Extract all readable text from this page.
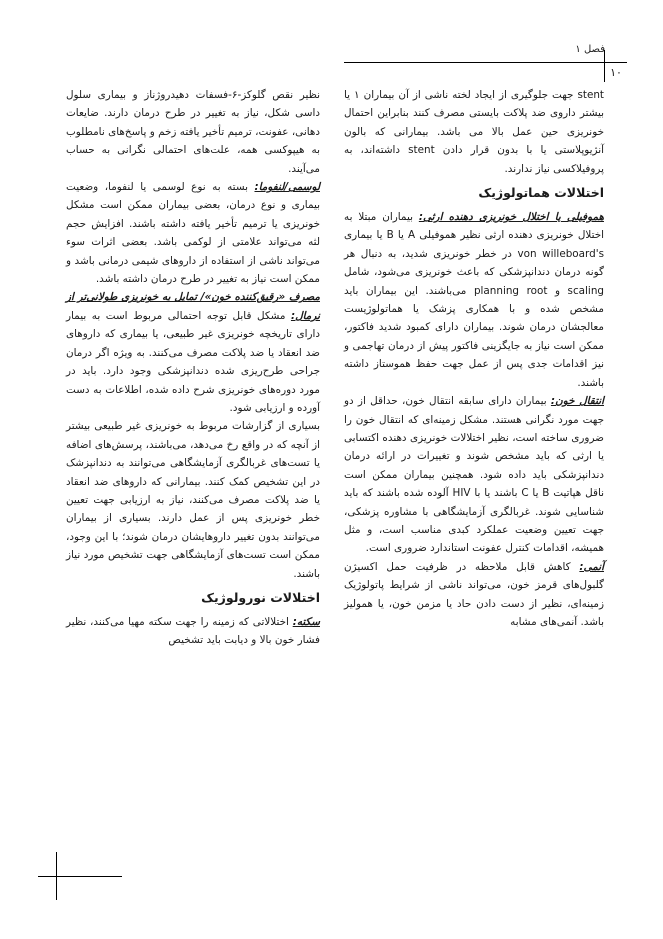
فصل ۱
۱۰

stent جهت جلوگیری از ایجاد لخته ناشی از آن بیماران ۱ یا بیشتر داروی ضد پلاکت بایستی مصرف کنند بنابراین احتمال خونریزی حین عمل بالا می باشد. بیمارانی که بالون آنژیوپلاستی یا با بدون قرار دادن stent داشته‌اند، به پروفیلاکسی نیاز ندارند.

اختلالات هماتولوژیک

هموفیلی یا اختلال خونریزی دهنده ارثی: بیماران مبتلا به اختلال خونریزی دهنده ارثی نظیر هموفیلی A یا B یا بیماری von willeboard's در خطر خونریزی شدید، به دنبال هر گونه درمان دندانپزشکی که باعث خونریزی می‌شود، شامل scaling و planning root می‌باشند. این بیماران باید مشخص شده و با همکاری پزشک یا هماتولوژیست معالجشان درمان شوند. بیماران دارای کمبود شدید فاکتور، ممکن است نیاز به جایگزینی فاکتور پیش از درمان تهاجمی و نیز اقدامات جدی پس از عمل جهت حفظ هموستاز داشته باشند.

انتقال خون: بیماران دارای سابقه انتقال خون، حداقل از دو جهت مورد نگرانی هستند. مشکل زمینه‌ای که انتقال خون را ضروری ساخته است، نظیر اختلالات خونریزی دهنده اکتسابی یا ارثی که باید مشخص شوند و تغییرات در ارائه درمان دندانپزشکی باید داده شود. همچنین بیماران ممکن است ناقل هپاتیت B یا C باشند یا با HIV آلوده شده باشند که باید شناسایی شوند. غربالگری آزمایشگاهی با مشاوره پزشکی، جهت تعیین وضعیت عملکرد کبدی مناسب است، و مثل همیشه، اقدامات کنترل عفونت استاندارد ضروری است.

آنمی: کاهش قابل ملاحظه در ظرفیت حمل اکسیژن گلبول‌های قرمز خون، می‌تواند ناشی از شرایط پاتولوژیک زمینه‌ای، نظیر از دست دادن حاد یا مزمن خون، یا هموليز باشد. آنمی‌های مشابه

نظیر نقص گلوکز-۶-فسفات دهیدروژناز و بیماری سلول داسی شکل، نیاز به تغییر در طرح درمان دارند. ضایعات دهانی، عفونت، ترمیم تأخیر یافته زخم و پاسخ‌های نامطلوب به هیپوکسی همه، علت‌های احتمالی نگرانی به حساب می‌آیند.

لوسمی/لنفوما: بسته به نوع لوسمی یا لنفوما، وضعیت بیماری و نوع درمان، بعضی بیماران ممکن است مشکل خونریزی یا ترمیم تأخیر یافته داشته باشند. افزایش حجم لثه می‌تواند علامتی از لوکمی باشد. بعضی اثرات سوء می‌تواند ناشی از استفاده از داروهای شیمی درمانی باشد و ممکن است نیاز به تغییر در طرح درمان داشته باشد.

مصرف «رقیق‌کننده خون»/ تمایل به خونریزی طولانی‌تر از نرمال: مشکل قابل توجه احتمالی مربوط است به بیمار دارای تاریخچه خونریزی غیر طبیعی، یا بیماری که داروهای ضد انعقاد یا ضد پلاکت مصرف می‌کنند. به ویژه اگر درمان جراحی طرح‌ریزی شده دندانپزشکی وجود دارد. باید در مورد دوره‌های خونریزی شرح داده شده، اطلاعات به دست آورده و ارزیابی شود.

بسیاری از گزارشات مربوط به خونریزی غیر طبیعی بیشتر از آنچه که در واقع رخ می‌دهد، می‌باشند، پرسش‌های اضافه یا تست‌های غربالگری آزمایشگاهی می‌توانند به دندانپزشک در این تشخیص کمک کنند. بیمارانی که داروهای ضد انعقاد یا ضد پلاکت مصرف می‌کنند، نیاز به ارزیابی جهت تعیین خطر خونریزی پس از عمل دارند. بسیاری از بیماران می‌توانند بدون تغییر داروهایشان درمان شوند؛ با این وجود، ممکن است تست‌های آزمایشگاهی جهت تشخیص مورد نیاز باشند.

اختلالات نورولوژیک

سکته: اختلالاتی که زمینه را جهت سکته مهیا می‌کنند، نظیر فشار خون بالا و دیابت باید تشخیص
